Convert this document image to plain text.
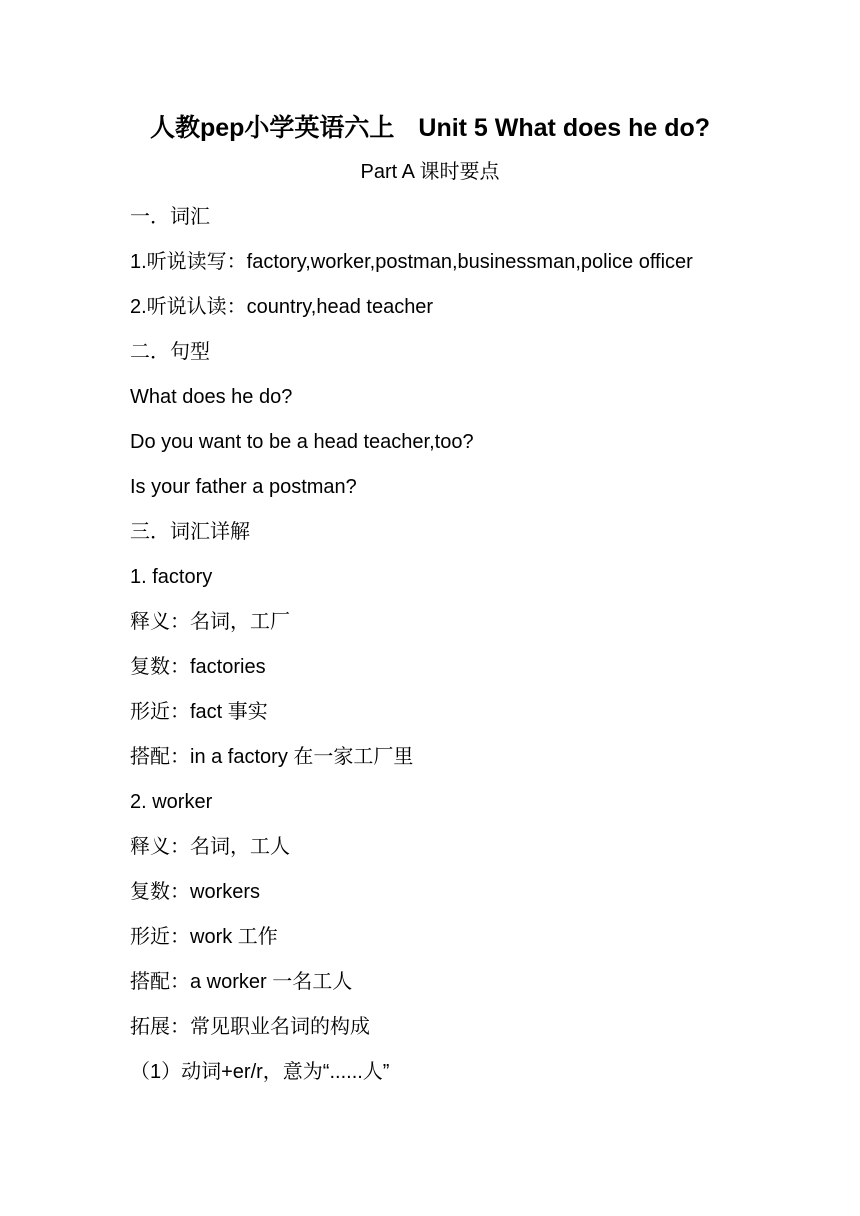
人教pep小学英语六上 Unit 5 What does he do?
Part A 课时要点
一．词汇
1.听说读写：factory,worker,postman,businessman,police officer
2.听说认读：country,head teacher
二．句型
What does he do?
Do you want to be a head teacher,too?
Is your father a postman?
三．词汇详解
1. factory
释义：名词，工厂
复数：factories
形近：fact 事实
搭配：in a factory 在一家工厂里
2. worker
释义：名词，工人
复数：workers
形近：work 工作
搭配：a worker 一名工人
拓展：常见职业名词的构成
（1）动词+er/r，意为“......人”
